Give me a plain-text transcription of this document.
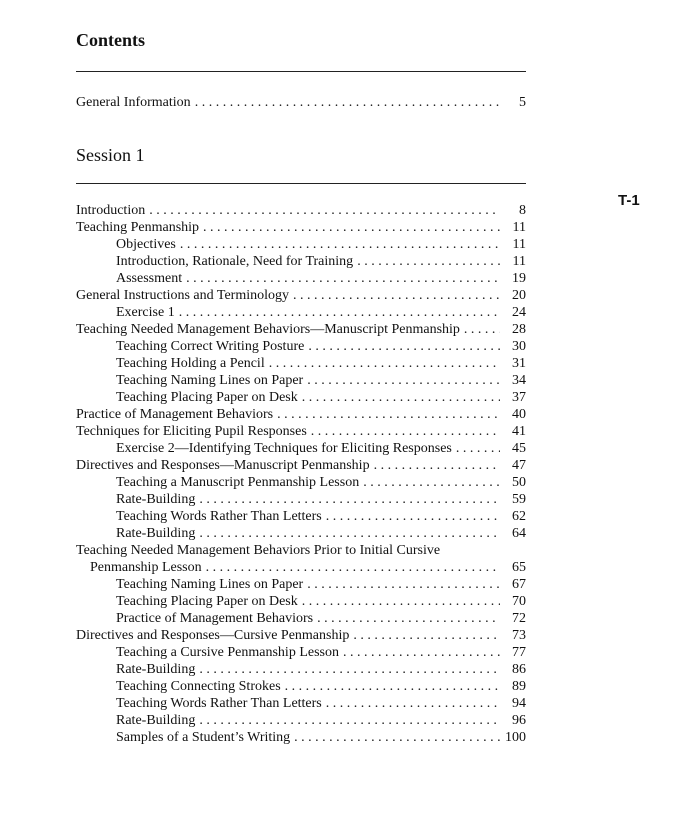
Contents
General Information . . .	5
Session 1
T-1
Introduction . . .	8
Teaching Penmanship . . .	11
Objectives . . .	11
Introduction, Rationale, Need for Training . . .	11
Assessment . . .	19
General Instructions and Terminology . . .	20
Exercise 1 . . .	24
Teaching Needed Management Behaviors—Manuscript Penmanship . . .	28
Teaching Correct Writing Posture . . .	30
Teaching Holding a Pencil . . .	31
Teaching Naming Lines on Paper . . .	34
Teaching Placing Paper on Desk . . .	37
Practice of Management Behaviors . . .	40
Techniques for Eliciting Pupil Responses . . .	41
Exercise 2—Identifying Techniques for Eliciting Responses . . .	45
Directives and Responses—Manuscript Penmanship . . .	47
Teaching a Manuscript Penmanship Lesson . . .	50
Rate-Building . . .	59
Teaching Words Rather Than Letters . . .	62
Rate-Building . . .	64
Teaching Needed Management Behaviors Prior to Initial Cursive
Penmanship Lesson . . .	65
Teaching Naming Lines on Paper . . .	67
Teaching Placing Paper on Desk . . .	70
Practice of Management Behaviors . . .	72
Directives and Responses—Cursive Penmanship . . .	73
Teaching a Cursive Penmanship Lesson . . .	77
Rate-Building . . .	86
Teaching Connecting Strokes . . .	89
Teaching Words Rather Than Letters . . .	94
Rate-Building . . .	96
Samples of a Student’s Writing . . .	100
